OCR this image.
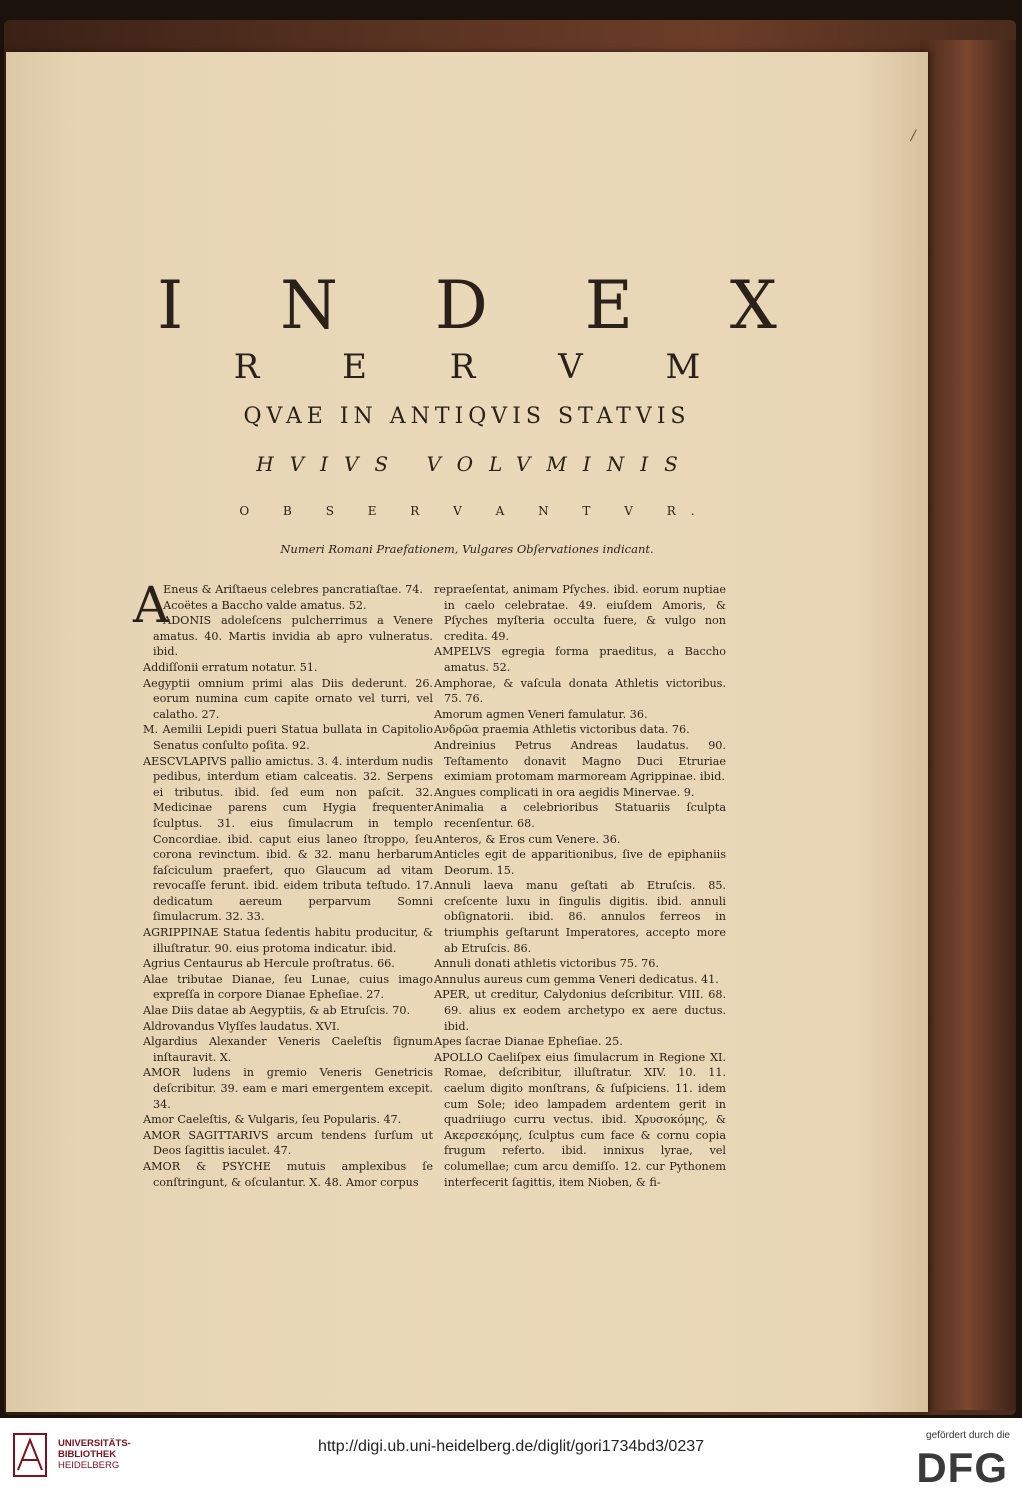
/
I N D E X
R E R V M
QVAE IN ANTIQVIS STATVIS
HVIVS VOLVMINIS
O B S E R V A N T V R.
Numeri Romani Praefationem, Vulgares Obſervationes indicant.

A
Eneus & Ariſtaeus celebres pancratiaſtae. 74.

Acoëtes a Baccho valde amatus. 52.

ADONIS adoleſcens pulcherrimus a Venere amatus. 40. Martis invidia ab apro vulneratus. ibid.

Addiſſonii erratum notatur. 51.

Aegyptii omnium primi alas Diis dederunt. 26. eorum numina cum capite ornato vel turri, vel calatho. 27.

M. Aemilii Lepidi pueri Statua bullata in Capitolio Senatus conſulto poſita. 92.

AESCVLAPIVS pallio amictus. 3. 4. interdum nudis pedibus, interdum etiam calceatis. 32. Serpens ei tributus. ibid. ſed eum non paſcit. 32. Medicinae parens cum Hygia frequenter ſculptus. 31. eius ſimulacrum in templo Concordiae. ibid. caput eius laneo ſtroppo, ſeu corona revinctum. ibid. & 32. manu herbarum faſciculum praefert, quo Glaucum ad vitam revocaſſe ferunt. ibid. eidem tributa teſtudo. 17. dedicatum aereum perparvum Somni ſimulacrum. 32. 33.

AGRIPPINAE Statua ſedentis habitu producitur, & illuſtratur. 90. eius protoma indicatur. ibid.

Agrius Centaurus ab Hercule proſtratus. 66.

Alae tributae Dianae, ſeu Lunae, cuius imago expreſſa in corpore Dianae Epheſiae. 27.

Alae Diis datae ab Aegyptiis, & ab Etruſcis. 70.

Aldrovandus Vlyſſes laudatus. XVI.

Algardius Alexander Veneris Caeleſtis ſignum inſtauravit. X.

AMOR ludens in gremio Veneris Genetricis deſcribitur. 39. eam e mari emergentem excepit. 34.

Amor Caeleſtis, & Vulgaris, ſeu Popularis. 47.

AMOR SAGITTARIVS arcum tendens ſurſum ut Deos ſagittis iaculet. 47.

AMOR & PSYCHE mutuis amplexibus ſe conſtringunt, & oſculantur. X. 48. Amor corpus

repraeſentat, animam Pſyches. ibid. eorum nuptiae in caelo celebratae. 49. eiuſdem Amoris, & Pſyches myſteria occulta fuere, & vulgo non credita. 49.

AMPELVS egregia forma praeditus, a Baccho amatus. 52.

Amphorae, & vaſcula donata Athletis victoribus. 75. 76.

Amorum agmen Veneri famulatur. 36.

Ανδρῶα praemia Athletis victoribus data. 76.

Andreinius Petrus Andreas laudatus. 90. Teſtamento donavit Magno Duci Etruriae eximiam protomam marmoream Agrippinae. ibid.

Angues complicati in ora aegidis Minervae. 9.

Animalia a celebrioribus Statuariis ſculpta recenſentur. 68.

Anteros, & Eros cum Venere. 36.

Anticles egit de apparitionibus, ſive de epiphaniis Deorum. 15.

Annuli laeva manu geſtati ab Etruſcis. 85. creſcente luxu in ſingulis digitis. ibid. annuli obſignatorii. ibid. 86. annulos ferreos in triumphis geſtarunt Imperatores, accepto more ab Etruſcis. 86.

Annuli donati athletis victoribus 75. 76.

Annulus aureus cum gemma Veneri dedicatus. 41.

APER, ut creditur, Calydonius deſcribitur. VIII. 68. 69. alius ex eodem archetypo ex aere ductus. ibid.

Apes ſacrae Dianae Epheſiae. 25.

APOLLO Caeliſpex eius ſimulacrum in Regione XI. Romae, deſcribitur, illuſtratur. XIV. 10. 11. caelum digito monſtrans, & ſuſpiciens. 11. idem cum Sole; ideo lampadem ardentem gerit in quadriiugo curru vectus. ibid. Χρυσοκόμης, & Ακερσεκόμης, ſculptus cum face & cornu copia frugum referto. ibid. innixus lyrae, vel columellae; cum arcu demiſſo. 12. cur Pythonem interfecerit ſagittis, item Nioben, & fi-

UNIVERSITÄTS-
BIBLIOTHEK
HEIDELBERG
http://digi.ub.uni-heidelberg.de/diglit/gori1734bd3/0237
gefördert durch die
DFG
